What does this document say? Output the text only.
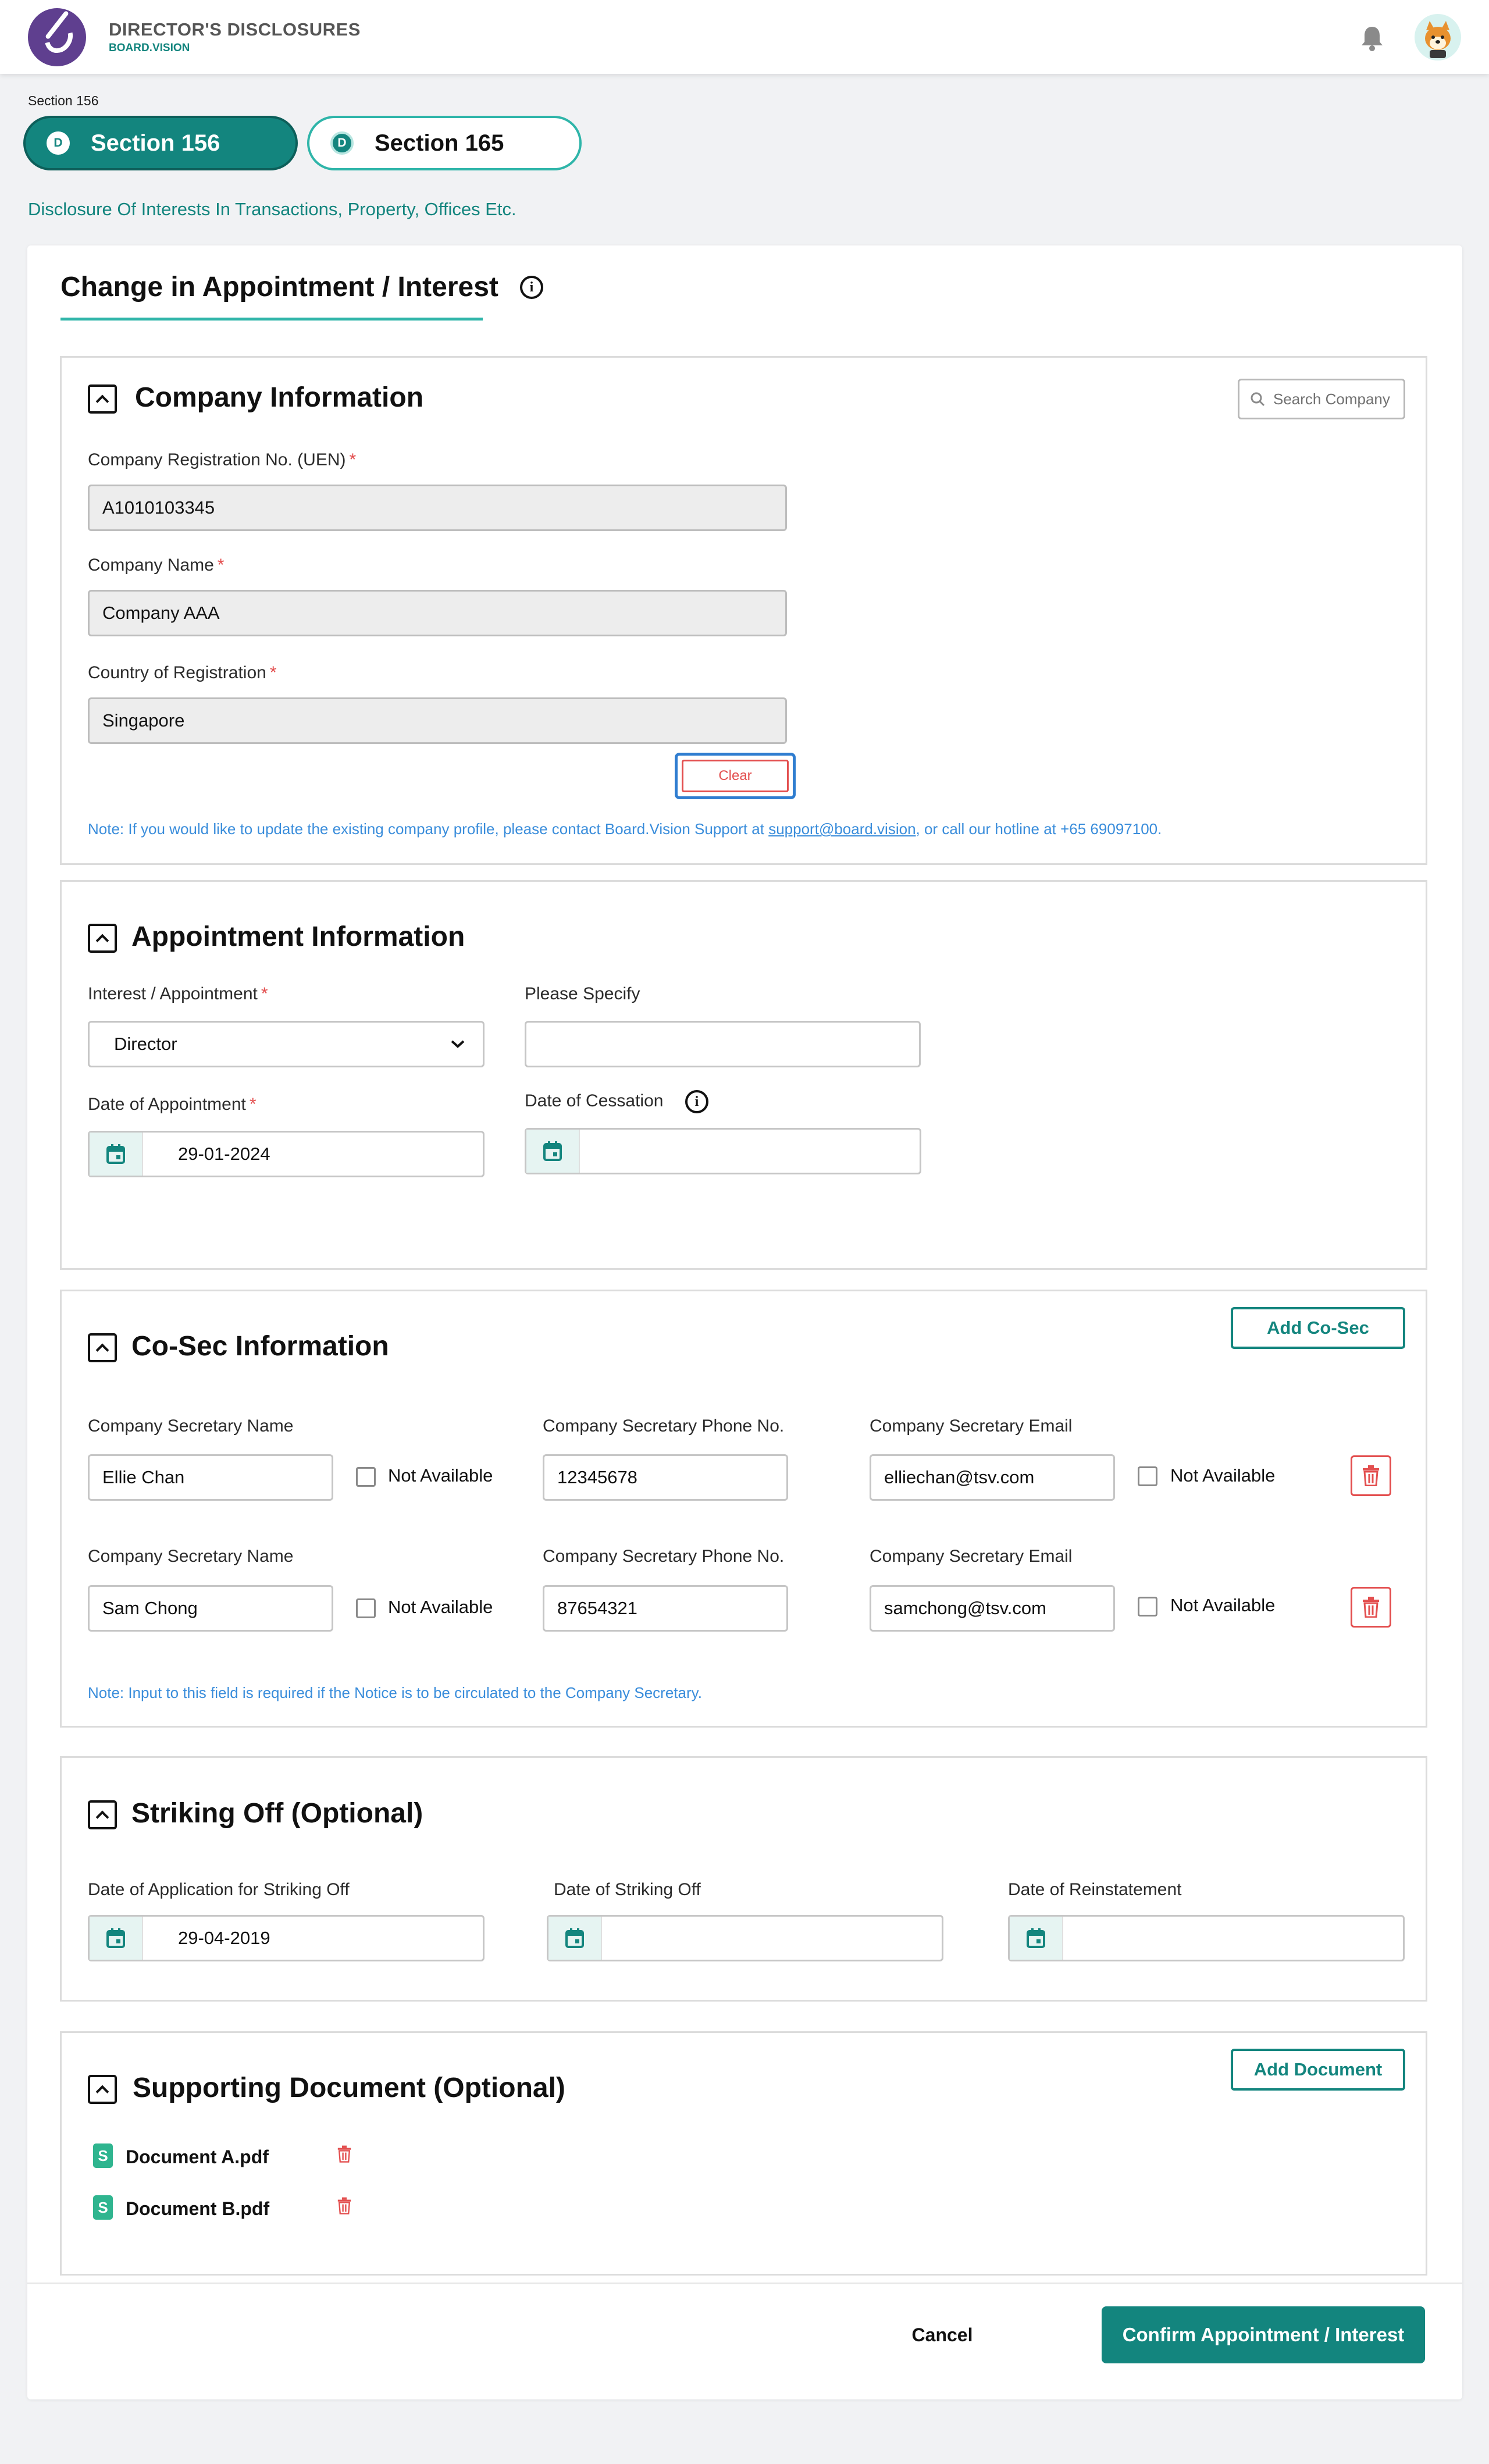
DIRECTOR'S DISCLOSURES
BOARD.VISION
Section 156
D	Section 156	D	Section 165
Disclosure Of Interests In Transactions, Property, Offices Etc.
Change in Appointment / Interest	i
Company Information	Search Company
Company Registration No. (UEN) *
A1010103345
Company Name *
Company AAA
Country of Registration *
Singapore
Clear
Note: If you would like to update the existing company profile, please contact Board.Vision Support at support@board.vision, or call our hotline at +65 69097100.
Appointment Information
Interest / Appointment *
Director
Please Specify
Date of Appointment *
29-01-2024
Date of Cessation	i
Co-Sec Information
Add Co-Sec
Company Secretary Name
Ellie Chan	Not Available
Company Secretary Phone No.
12345678
Company Secretary Email
elliechan@tsv.com	Not Available
Company Secretary Name
Sam Chong	Not Available
Company Secretary Phone No.
87654321
Company Secretary Email
samchong@tsv.com	Not Available
Note: Input to this field is required if the Notice is to be circulated to the Company Secretary.
Striking Off (Optional)
Date of Application for Striking Off
29-04-2019
Date of Striking Off	Date of Reinstatement
Supporting Document (Optional)
Add Document
S Document A.pdf
S Document B.pdf
Cancel	Confirm Appointment / Interest
